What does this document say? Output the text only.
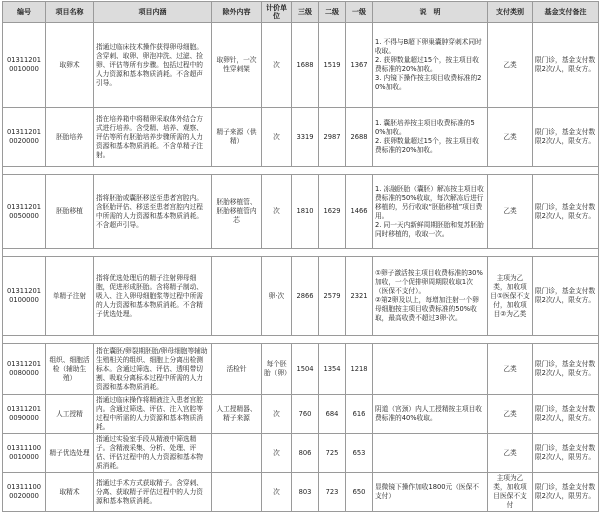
编号	项目名称	项目内涵	除外内容	计价单位	三级	二级	一级	说　明	支付类别	基金支付备注
013112010010000	取卵术	指通过临床技术操作获得卵母细胞。含穿刺、取卵、卵泡冲洗、过滤、捡卵、评估等所有步骤。包括过程中的人力资源和基本物质消耗。不含超声引导。	取卵针，一次性穿刺架	次	1688	1519	1367	1. 不得与B超下卵巢囊肿穿刺术同时收取。
2. 获卵数量超过15个，按主项目收费标准的20%加收。
3. 内镜下操作按主项目收费标准的20%加收。	乙类	限门诊，基金支付数限2次/人，限女方。
013112010020000	胚胎培养	指在培养箱中将精卵采取体外结合方式进行培养。含受精、培养、观察、评估等所有胚胎培养步骤所需的人力资源和基本物质消耗。不含单精子注射。	精子来源（供精）	次	3319	2987	2688	1. 囊胚培养按主项目收费标准的50%加收。
2. 获卵数量超过15个，按主项目收费标准的20%加收。	乙类	限门诊，基金支付数限2次/人，限女方。

013112010050000	胚胎移植	指将胚胎或囊胚移送至患者宫腔内。含胚胎评估、移送至患者宫腔内过程中所需的人力资源和基本物质消耗。不含超声引导。	胚胎移植管、胚胎移植管内芯	次	1810	1629	1466	1. 冻融胚胎（囊胚）解冻按主项目收费标准的50%收取，每次解冻后进行移植的，另行收取“胚胎移植”项目费用。
2. 同一天内新鲜周期胚胎和复苏胚胎同时移植的，收取一次。	乙类	限门诊，基金支付数限2次/人，限女方。

013112010100000	单精子注射	指将优选处理后的精子注射卵母细胞，促进形成胚胎。含将精子制动、吸入、注入卵母细胞浆等过程中所需的人力资源和基本物质消耗。不含精子优选处理。		卵·次	2866	2579	2321	①卵子激活按主项目收费标准的30%加收，一个促排卵周期限收取1次（医保不支付）。
②第2卵及以上，每增加注射一个卵母细胞按主项目收费标准的50%收取，最高收费不超过3卵·次。	主项为乙类，加收项目①医保不支付，加收项目②为乙类	限门诊，基金支付数限2次/人，限女方。

013112010080000	组织、细胞活检（辅助生殖）	指在囊胚/卵裂期胚胎/卵母细胞等辅助生殖相关的组织、细胞上分离出检测标本。含通过筛选、评估、透明带切割、吸取分离标本过程中所需的人力资源和基本物质消耗。	活检针	每个胚胎（卵）	1504	1354	1218		乙类	限门诊，基金支付数限2次/人，限女方。
013112010090000	人工授精	指通过临床操作将精液注入患者宫腔内。含通过筛选、评估、注入宫腔等过程中所需的人力资源和基本物质消耗。	人工授精器、精子来源	次	760	684	616	阴道（宫颈）内人工授精按主项目收费标准的40%收取。	乙类	限门诊，基金支付数限2次/人，限女方。
013111000010000	精子优选处理	指通过实验室手段从精液中筛选精子。含精液采集、分析、处理、评估、评估过程中的人力资源和基本物质消耗。		次	806	725	653		乙类	限门诊，基金支付数限2次/人，限男方。
013111000020000	取精术	指通过手术方式获取精子。含穿刺、分离、获取精子评估过程中的人力资源和基本物质消耗。		次	803	723	650	显微镜下操作加收1800元（医保不支付）	主项为乙类，加收项目医保不支付	限门诊，基金支付数限2次/人，限男方。
